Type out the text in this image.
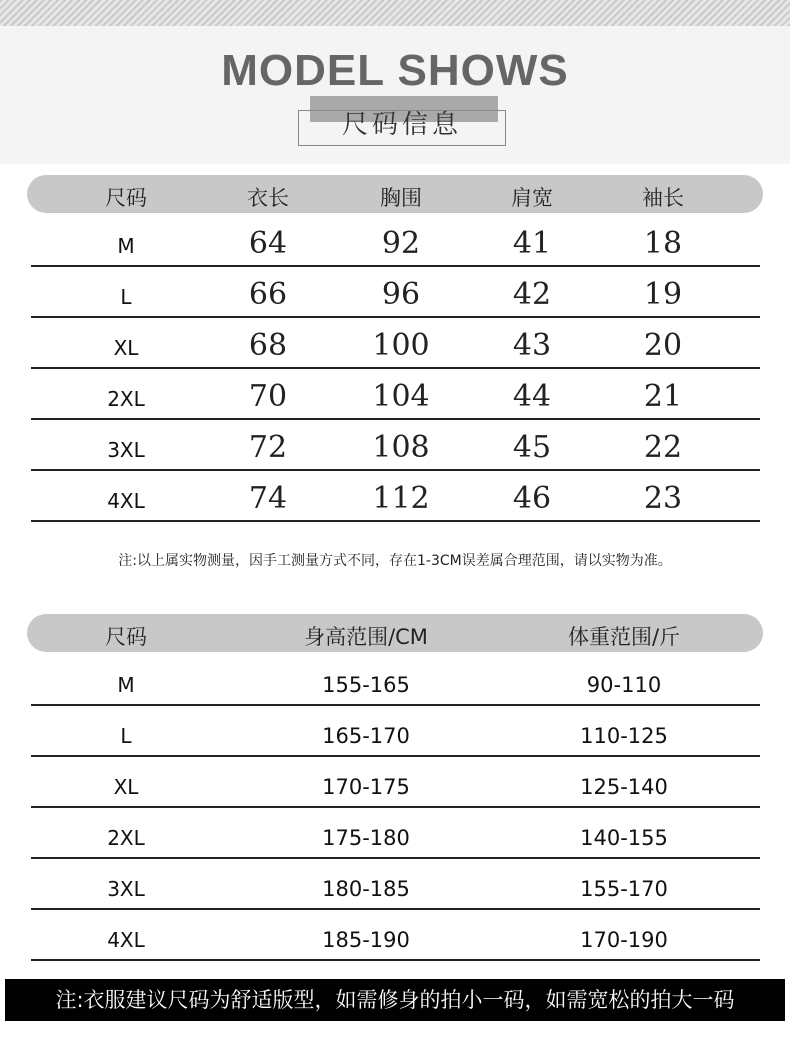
MODEL SHOWS
尺码信息
尺码	衣长	胸围	肩宽	袖长
M	64	92	41	18
L	66	96	42	19
XL	68	100	43	20
2XL	70	104	44	21
3XL	72	108	45	22
4XL	74	112	46	23
注:以上属实物测量，因手工测量方式不同，存在1-3CM误差属合理范围，请以实物为准。
尺码	身高范围/CM	体重范围/斤
M	155-165	90-110
L	165-170	110-125
XL	170-175	125-140
2XL	175-180	140-155
3XL	180-185	155-170
4XL	185-190	170-190
注:衣服建议尺码为舒适版型，如需修身的拍小一码，如需宽松的拍大一码
